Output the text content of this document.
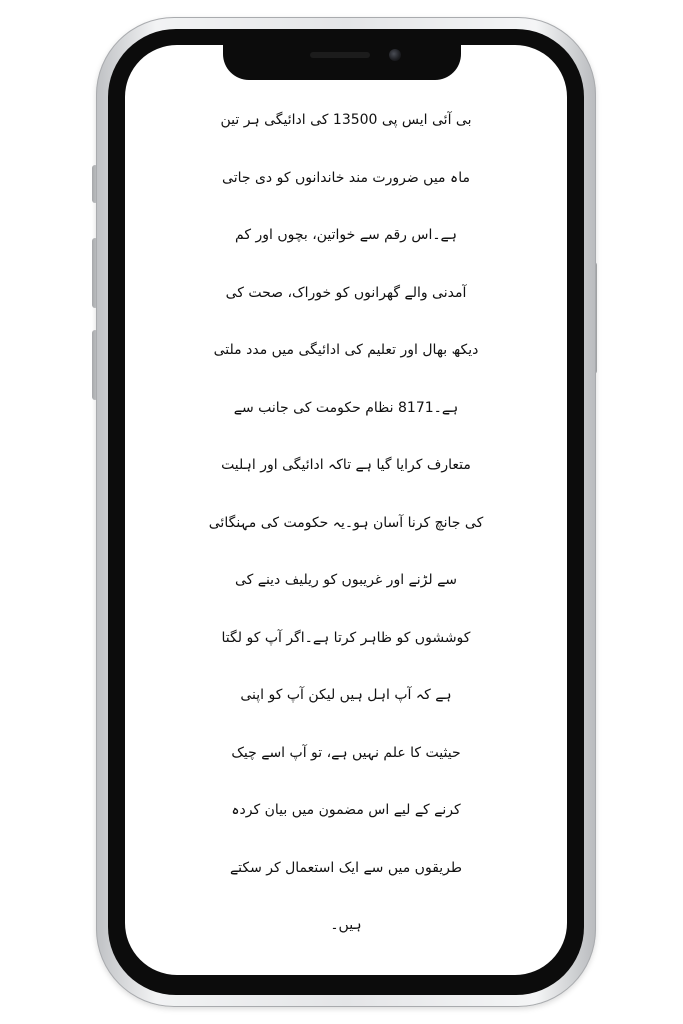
بی آئی ایس پی 13500 کی ادائیگی ہر تین
ماہ میں ضرورت مند خاندانوں کو دی جاتی
ہے۔اس رقم سے خواتین، بچوں اور کم
آمدنی والے گھرانوں کو خوراک، صحت کی
دیکھ بھال اور تعلیم کی ادائیگی میں مدد ملتی
ہے۔8171 نظام حکومت کی جانب سے
متعارف کرایا گیا ہے تاکہ ادائیگی اور اہلیت
کی جانچ کرنا آسان ہو۔یہ حکومت کی مہنگائی
سے لڑنے اور غریبوں کو ریلیف دینے کی
کوششوں کو ظاہر کرتا ہے۔اگر آپ کو لگتا
ہے کہ آپ اہل ہیں لیکن آپ کو اپنی
حیثیت کا علم نہیں ہے، تو آپ اسے چیک
کرنے کے لیے اس مضمون میں بیان کردہ
طریقوں میں سے ایک استعمال کر سکتے
ہیں۔
